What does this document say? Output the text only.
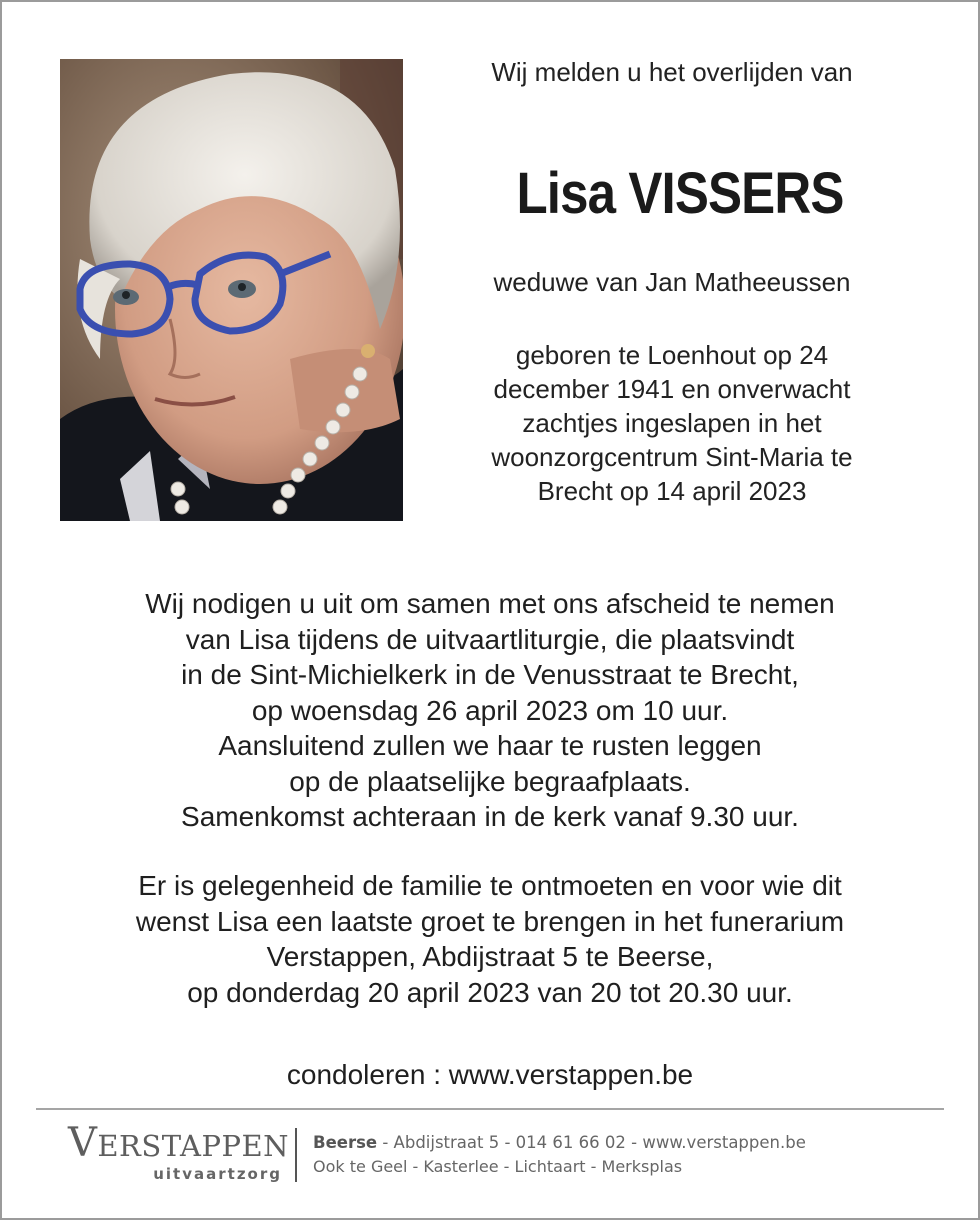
Wij melden u het overlijden van
Lisa VISSERS
weduwe van Jan Matheeussen
geboren te Loenhout op 24
december 1941 en onverwacht
zachtjes ingeslapen in het
woonzorgcentrum Sint-Maria te
Brecht op 14 april 2023
Wij nodigen u uit om samen met ons afscheid te nemen
van Lisa tijdens de uitvaartliturgie, die plaatsvindt
in de Sint-Michielkerk in de Venusstraat te Brecht,
op woensdag 26 april 2023 om 10 uur.
Aansluitend zullen we haar te rusten leggen
op de plaatselijke begraafplaats.
Samenkomst achteraan in de kerk vanaf 9.30 uur.
Er is gelegenheid de familie te ontmoeten en voor wie dit
wenst Lisa een laatste groet te brengen in het funerarium
Verstappen, Abdijstraat 5 te Beerse,
op donderdag 20 april 2023 van 20 tot 20.30 uur.
condoleren : www.verstappen.be
VERSTAPPEN
uitvaartzorg
Beerse - Abdijstraat 5 - 014 61 66 02 - www.verstappen.be
Ook te Geel - Kasterlee - Lichtaart - Merksplas
